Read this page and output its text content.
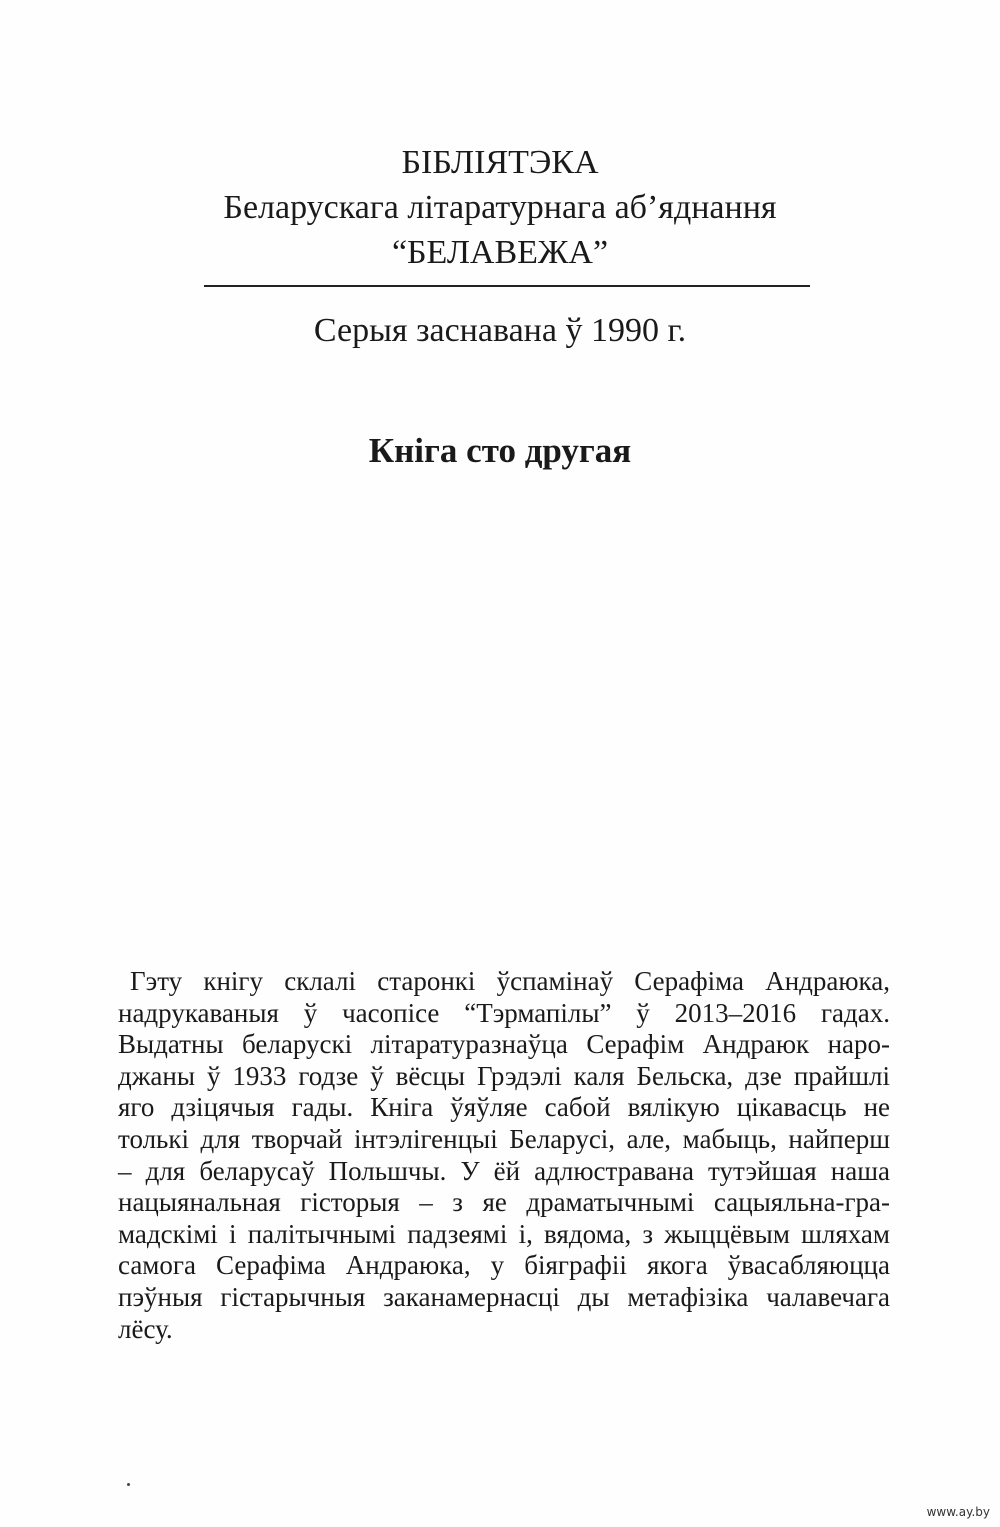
БІБЛІЯТЭКА
Беларускага літаратурнага аб’яднання
“БЕЛАВЕЖА”
Серыя заснавана ў 1990 г.
Кніга сто другая
Гэту кнігу склалі старонкі ўспамінаў Серафіма Андраюка,
надрукаваныя ў часопісе “Тэрмапілы” ў 2013–2016 гадах.
Выдатны беларускі літаратуразнаўца Серафім Андраюк наро-
джаны ў 1933 годзе ў вёсцы Грэдэлі каля Бельска, дзе прайшлі
яго дзіцячыя гады. Кніга ўяўляе сабой вялікую цікавасць не
толькі для творчай інтэлігенцыі Беларусі, але, мабыць, найперш
– для беларусаў Польшчы. У ёй адлюстравана тутэйшая наша
нацыянальная гісторыя – з яе драматычнымі сацыяльна-гра-
мадскімі і палітычнымі падзеямі і, вядома, з жыццёвым шляхам
самога Серафіма Андраюка, у біяграфіі якога ўвасабляюцца
пэўныя гістарычныя заканамернасці ды метафізіка чалавечага
лёсу.
www.ay.by
